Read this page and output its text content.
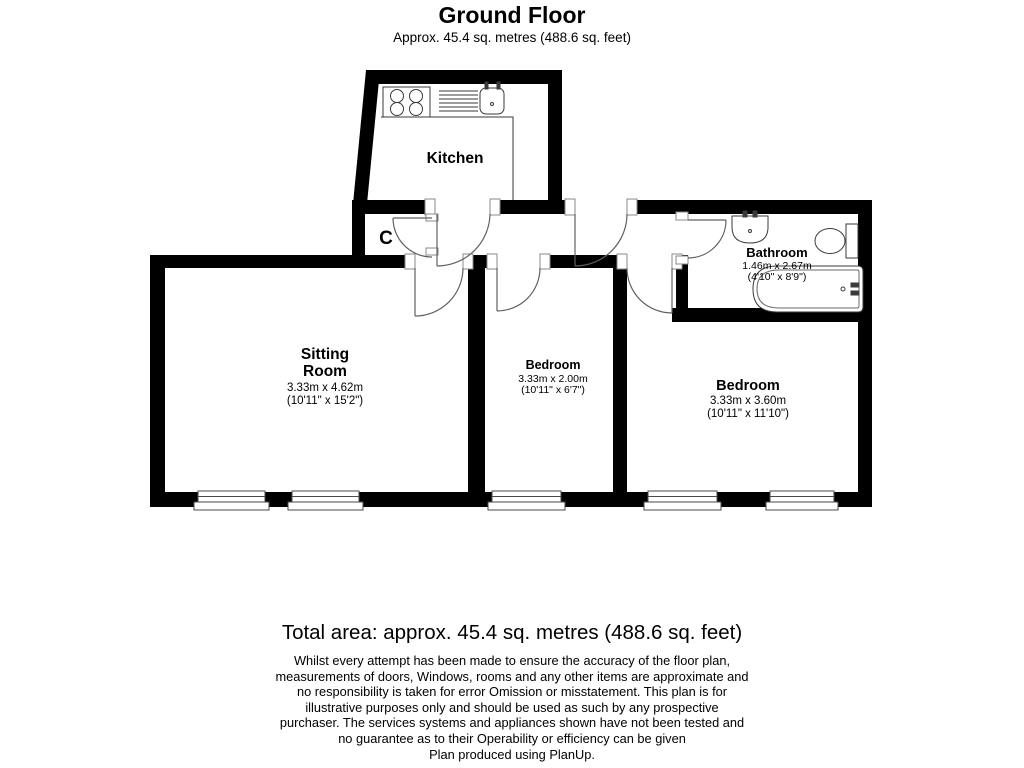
Ground Floor
Approx. 45.4 sq. metres (488.6 sq. feet)
Kitchen
C
Sitting
Room
3.33m x 4.62m
(10'11" x 15'2")
Bedroom
3.33m x 2.00m
(10'11" x 6'7")	Bedroom
3.33m x 3.60m
(10'11" x 11'10")
Bathroom
1.46m x 2.67m
(4'10" x 8'9")
Total area: approx. 45.4 sq. metres (488.6 sq. feet)
Whilst every attempt has been made to ensure the accuracy of the floor plan,
measurements of doors, Windows, rooms and any other items are approximate and
no responsibility is taken for error Omission or misstatement. This plan is for
illustrative purposes only and should be used as such by any prospective
purchaser. The services systems and appliances shown have not been tested and
no guarantee as to their Operability or efficiency can be given
Plan produced using PlanUp.
